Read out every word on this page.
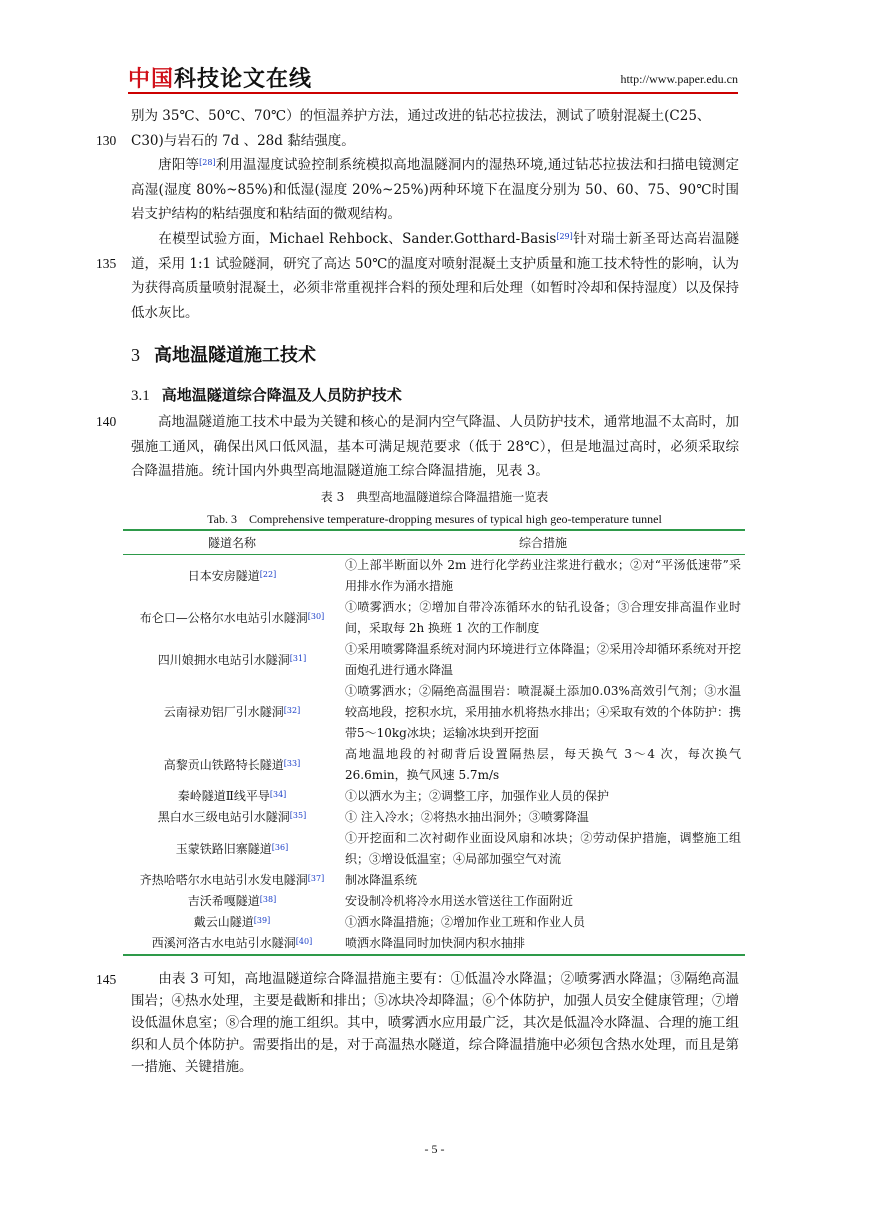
中国科技论文在线	http://www.paper.edu.cn
130
135
140
145
别为 35℃、50℃、70℃）的恒温养护方法，通过改进的钻芯拉拔法，测试了喷射混凝土(C25、
C30)与岩石的 7d 、28d 黏结强度。
唐阳等[28]利用温湿度试验控制系统模拟高地温隧洞内的湿热环境,通过钻芯拉拔法和扫描电镜测定高湿(湿度 80%~85%)和低湿(湿度 20%~25%)两种环境下在温度分别为 50、60、75、90℃时围岩支护结构的粘结强度和粘结面的微观结构。
在模型试验方面，Michael Rehbock、Sander.Gotthard-Basis[29]针对瑞士新圣哥达高岩温隧道，采用 1:1 试验隧洞，研究了高达 50℃的温度对喷射混凝土支护质量和施工技术特性的影响，认为为获得高质量喷射混凝土，必须非常重视拌合料的预处理和后处理（如暂时冷却和保持湿度）以及保持低水灰比。
3 高地温隧道施工技术
3.1 高地温隧道综合降温及人员防护技术
高地温隧道施工技术中最为关键和核心的是洞内空气降温、人员防护技术，通常地温不太高时，加强施工通风，确保出风口低风温，基本可满足规范要求（低于 28℃），但是地温过高时，必须采取综合降温措施。统计国内外典型高地温隧道施工综合降温措施，见表 3。
表 3　典型高地温隧道综合降温措施一览表
Tab. 3　Comprehensive temperature-dropping mesures of typical high geo-temperature tunnel
隧道名称	综合措施
日本安房隧道[22]	①上部半断面以外 2m 进行化学药业注浆进行截水；②对“平汤低速带”采用排水作为涌水措施
布仑口—公格尔水电站引水隧洞[30]	①喷雾洒水；②增加自带冷冻循环水的钻孔设备；③合理安排高温作业时间，采取每 2h 换班 1 次的工作制度
四川娘拥水电站引水隧洞[31]	①采用喷雾降温系统对洞内环境进行立体降温；②采用冷却循环系统对开挖面炮孔进行通水降温
云南禄劝铝厂引水隧洞[32]	①喷雾洒水；②隔绝高温围岩：喷混凝土添加0.03%高效引气剂；③水温较高地段，挖积水坑，采用抽水机将热水排出；④采取有效的个体防护：携带5～10kg冰块；运输冰块到开挖面
高黎贡山铁路特长隧道[33]	高地温地段的衬砌背后设置隔热层，每天换气 3～4 次，每次换气 26.6min，换气风速 5.7m/s
秦岭隧道Ⅱ线平导[34]	①以洒水为主；②调整工序，加强作业人员的保护
黑白水三级电站引水隧洞[35]	① 注入冷水；②将热水抽出洞外；③喷雾降温
玉蒙铁路旧寨隧道[36]	①开挖面和二次衬砌作业面设风扇和冰块；②劳动保护措施，调整施工组织；③增设低温室；④局部加强空气对流
齐热哈嗒尔水电站引水发电隧洞[37]	制冰降温系统
吉沃希嘎隧道[38]	安设制冷机将冷水用送水管送往工作面附近
戴云山隧道[39]	①洒水降温措施；②增加作业工班和作业人员
西溪河洛古水电站引水隧洞[40]	喷洒水降温同时加快洞内积水抽排
由表 3 可知，高地温隧道综合降温措施主要有：①低温冷水降温；②喷雾洒水降温；③隔绝高温围岩；④热水处理，主要是截断和排出；⑤冰块冷却降温；⑥个体防护，加强人员安全健康管理；⑦增设低温休息室；⑧合理的施工组织。其中，喷雾洒水应用最广泛，其次是低温冷水降温、合理的施工组织和人员个体防护。需要指出的是，对于高温热水隧道，综合降温措施中必须包含热水处理，而且是第一措施、关键措施。
- 5 -
